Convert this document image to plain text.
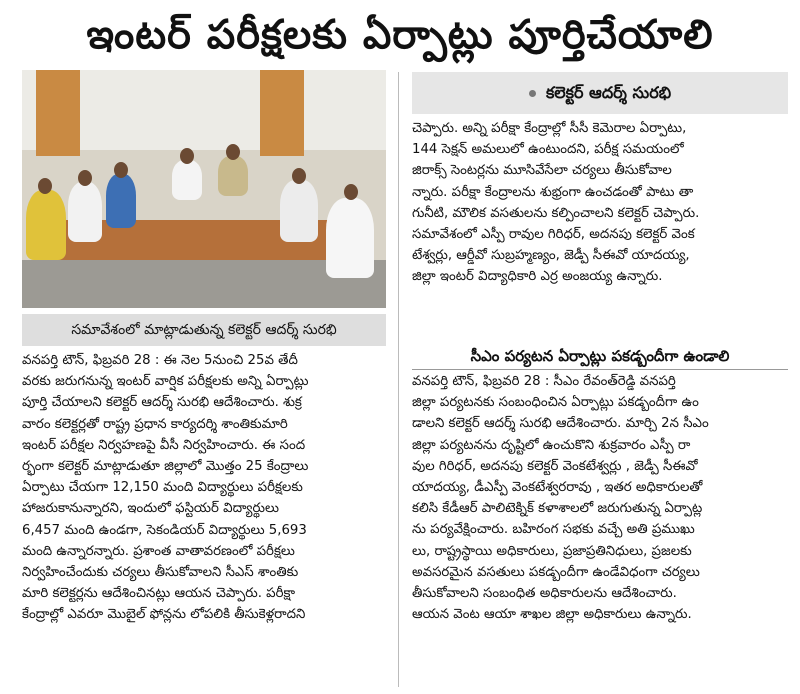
ఇంటర్ పరీక్షలకు ఏర్పాట్లు పూర్తిచేయాలి
సమావేశంలో మాట్లాడుతున్న కలెక్టర్ ఆదర్శ్ సురభి
వనపర్తి టౌన్, ఫిబ్రవరి 28 : ఈ నెల 5నుంచి 25వ తేదీ
వరకు జరుగనున్న ఇంటర్ వార్షిక పరీక్షలకు అన్ని ఏర్పాట్లు
పూర్తి చేయాలని కలెక్టర్ ఆదర్శ్ సురభి ఆదేశించారు. శుక్ర
వారం కలెక్టర్లతో రాష్ట్ర ప్రధాన కార్యదర్శి శాంతికుమారి
ఇంటర్ పరీక్షల నిర్వహణపై వీసీ నిర్వహించారు. ఈ సంద
ర్భంగా కలెక్టర్ మాట్లాడుతూ జిల్లాలో మొత్తం 25 కేంద్రాలు
ఏర్పాటు చేయగా 12,150 మంది విద్యార్థులు పరీక్షలకు
హాజరుకానున్నారని, ఇందులో ఫస్టియర్ విద్యార్థులు
6,457 మంది ఉండగా, సెకండియర్ విద్యార్థులు 5,693
మంది ఉన్నారన్నారు. ప్రశాంత వాతావరణంలో పరీక్షలు
నిర్వహించేందుకు చర్యలు తీసుకోవాలని సీఎస్ శాంతికు
మారి కలెక్టర్లను ఆదేశించినట్లు ఆయన చెప్పారు. పరీక్షా
కేంద్రాల్లో ఎవరూ మొబైల్ ఫోన్లను లోపలికి తీసుకెళ్లరాదని
కలెక్టర్ ఆదర్శ్ సురభి
చెప్పారు. అన్ని పరీక్షా కేంద్రాల్లో సీసీ కెమెరాల ఏర్పాటు,
144 సెక్షన్ అమలులో ఉంటుందని, పరీక్ష సమయంలో
జిరాక్స్ సెంటర్లను మూసివేసేలా చర్యలు తీసుకోవాల
న్నారు. పరీక్షా కేంద్రాలను శుభ్రంగా ఉంచడంతో పాటు తా
గునీటి, మౌలిక వసతులను కల్పించాలని కలెక్టర్ చెప్పారు.
సమావేశంలో ఎస్పీ రావుల గిరిధర్, అదనపు కలెక్టర్ వెంక
టేశ్వర్లు, ఆర్డీవో సుబ్రహ్మణ్యం, జెడ్పీ సీఈవో యాదయ్య,
జిల్లా ఇంటర్ విద్యాధికారి ఎర్ర అంజయ్య ఉన్నారు.
సీఎం పర్యటన ఏర్పాట్లు పకడ్బందీగా ఉండాలి
వనపర్తి టౌన్, ఫిబ్రవరి 28 : సీఎం రేవంత్‌రెడ్డి వనపర్తి
జిల్లా పర్యటనకు సంబంధించిన ఏర్పాట్లు పకడ్బందీగా ఉం
డాలని కలెక్టర్ ఆదర్శ్ సురభి ఆదేశించారు. మార్చి 2న సీఎం
జిల్లా పర్యటనను దృష్టిలో ఉంచుకొని శుక్రవారం ఎస్పీ రా
వుల గిరిధర్, అదనపు కలెక్టర్ వెంకటేశ్వర్లు , జెడ్పీ సీఈవో
యాదయ్య, డీఎస్పీ వెంకటేశ్వరరావు , ఇతర అధికారులతో
కలిసి కేడీఆర్ పాలిటెక్నిక్ కళాశాలలో జరుగుతున్న ఏర్పాట్ల
ను పర్యవేక్షించారు. బహిరంగ సభకు వచ్చే అతి ప్రముఖు
లు, రాష్ట్రస్థాయి అధికారులు, ప్రజాప్రతినిధులు, ప్రజలకు
అవసరమైన వసతులు పకడ్బందీగా ఉండేవిధంగా చర్యలు
తీసుకోవాలని సంబంధిత అధికారులను ఆదేశించారు.
ఆయన వెంట ఆయా శాఖల జిల్లా అధికారులు ఉన్నారు.
